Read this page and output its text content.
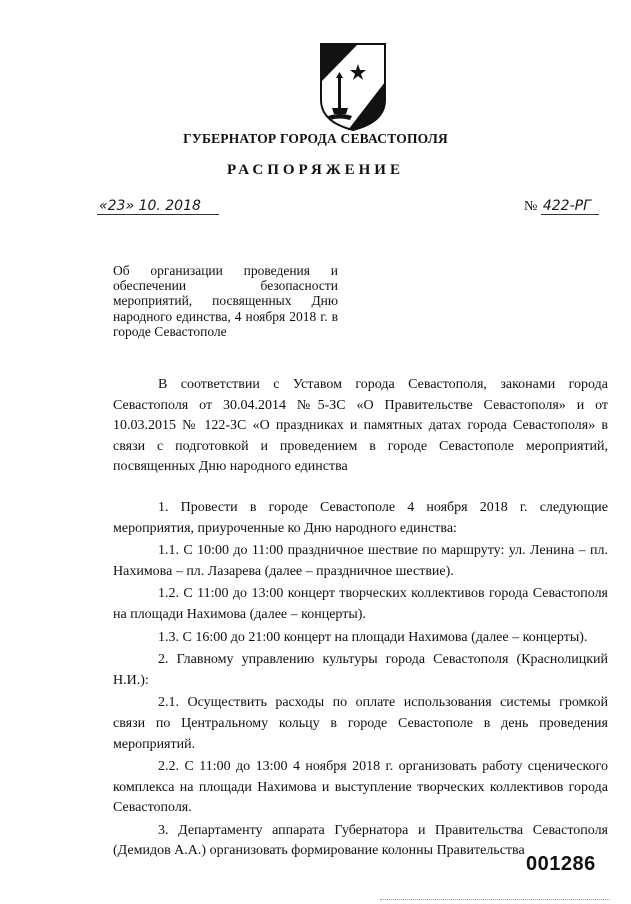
ГУБЕРНАТОР ГОРОДА СЕВАСТОПОЛЯ
РАСПОРЯЖЕНИЕ
«23» 10. 2018	№ 422-РГ
Об организации проведения и обеспечении безопасности мероприятий, посвященных Дню народного единства, 4 ноября 2018 г. в городе Севастополе

В соответствии с Уставом города Севастополя, законами города Севастополя от 30.04.2014 №5-ЗС «О Правительстве Севастополя» и от 10.03.2015 № 122-ЗС «О праздниках и памятных датах города Севастополя» в связи с подготовкой и проведением в городе Севастополе мероприятий, посвященных Дню народного единства

1. Провести в городе Севастополе 4 ноября 2018 г. следующие мероприятия, приуроченные ко Дню народного единства:

1.1. С 10:00 до 11:00 праздничное шествие по маршруту: ул. Ленина – пл. Нахимова – пл. Лазарева (далее – праздничное шествие).

1.2. С 11:00 до 13:00 концерт творческих коллективов города Севастополя на площади Нахимова (далее – концерты).

1.3. С 16:00 до 21:00 концерт на площади Нахимова (далее – концерты).

2. Главному управлению культуры города Севастополя (Краснолицкий Н.И.):

2.1. Осуществить расходы по оплате использования системы громкой связи по Центральному кольцу в городе Севастополе в день проведения мероприятий.

2.2. С 11:00 до 13:00 4 ноября 2018 г. организовать работу сценического комплекса на площади Нахимова и выступление творческих коллективов города Севастополя.

3. Департаменту аппарата Губернатора и Правительства Севастополя (Демидов А.А.) организовать формирование колонны Правительства

001286
